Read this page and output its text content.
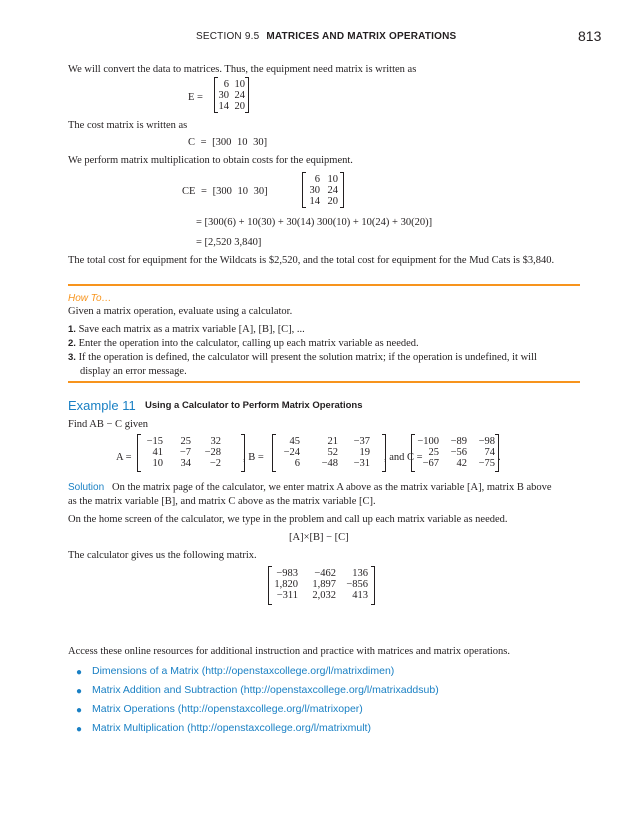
SECTION 9.5 MATRICES AND MATRIX OPERATIONS	813
We will convert the data to matrices. Thus, the equipment need matrix is written as
E =
6	10
30	24
14	20
The cost matrix is written as
C = [300 10 30]
We perform matrix multiplication to obtain costs for the equipment.
CE = [300 10 30]
6	10
30	24
14	20
= [300(6) + 10(30) + 30(14) 300(10) + 10(24) + 30(20)]
= [2,520 3,840]
The total cost for equipment for the Wildcats is $2,520, and the total cost for equipment for the Mud Cats is $3,840.
How To…
Given a matrix operation, evaluate using a calculator.
1. Save each matrix as a matrix variable [A], [B], [C], ...
2. Enter the operation into the calculator, calling up each matrix variable as needed.
3. If the operation is defined, the calculator will present the solution matrix; if the operation is undefined, it will
display an error message.
Example 11 Using a Calculator to Perform Matrix Operations
Find AB − C given
A =
−15	25	32
41	−7	−28
10	34	−2
, B =
45	21	−37
−24	52	19
6	−48	−31
, and C =
−100	−89	−98
25	−56	74
−67	42	−75
.
Solution On the matrix page of the calculator, we enter matrix A above as the matrix variable [A], matrix B above
as the matrix variable [B], and matrix C above as the matrix variable [C].
On the home screen of the calculator, we type in the problem and call up each matrix variable as needed.
[A]×[B] − [C]
The calculator gives us the following matrix.
−983	−462	136
1,820	1,897	−856
−311	2,032	413
Access these online resources for additional instruction and practice with matrices and matrix operations.
● Dimensions of a Matrix (http://openstaxcollege.org/l/matrixdimen)
● Matrix Addition and Subtraction (http://openstaxcollege.org/l/matrixaddsub)
● Matrix Operations (http://openstaxcollege.org/l/matrixoper)
● Matrix Multiplication (http://openstaxcollege.org/l/matrixmult)
